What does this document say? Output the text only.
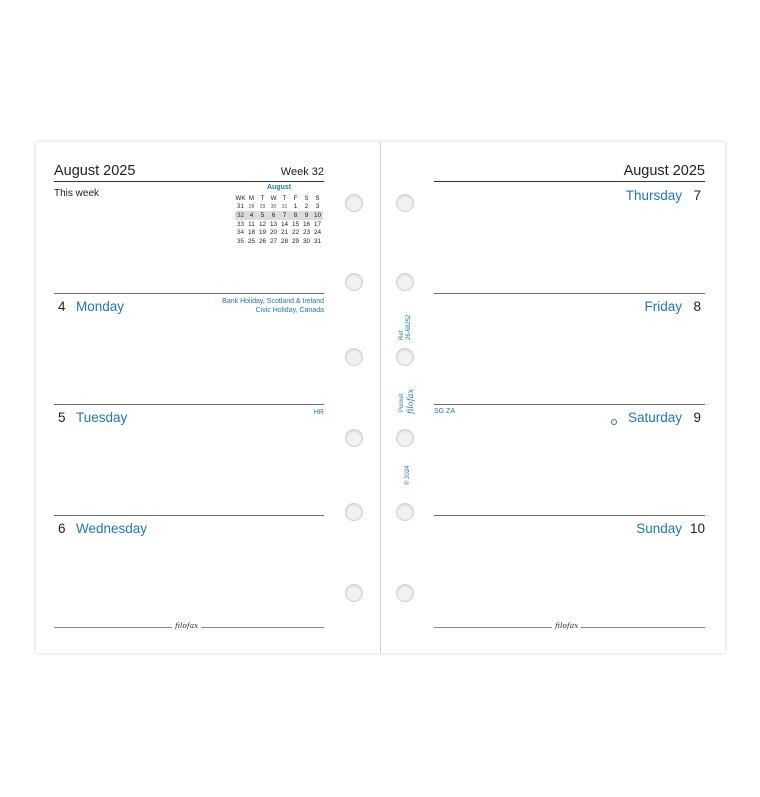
August 2025	Week 32
This week
August
WK	M	T	W	T	F	S	S
31	28	29	30	31	1	2	3
32	4	5	6	7	8	9	10
33	11	12	13	14	15	16	17
34	18	19	20	21	22	23	24
35	25	26	27	28	29	30	31
4 Monday	Bank Holiday, Scotland & Ireland
Civic Holiday, Canada
5 Tuesday	HR
6 Wednesday
filofax
Ref: 26-68252
Pocket filofax
© 2024
August 2025
Thursday 7
Friday 8
SG ZA	Saturday 9
Sunday 10
filofax
